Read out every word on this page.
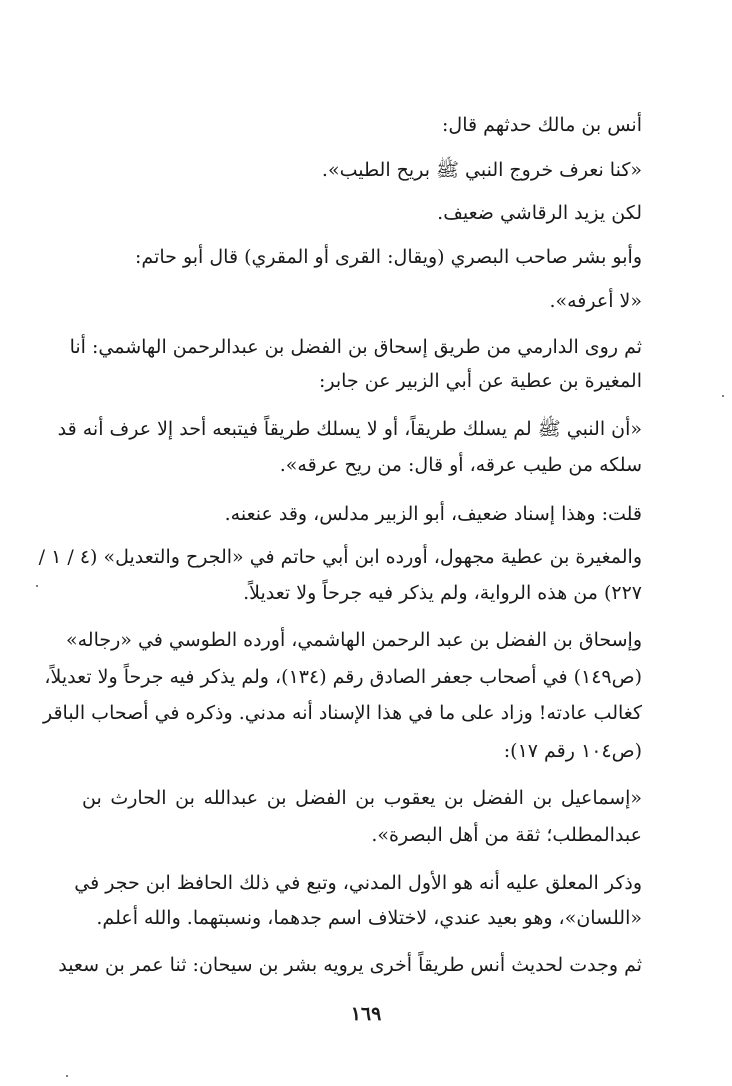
أنس بن مالك حدثهم قال:
«كنا نعرف خروج النبي ﷺ بريح الطيب».
لكن يزيد الرقاشي ضعيف.
وأبو بشر صاحب البصري (ويقال: القرى أو المقري) قال أبو حاتم:
«لا أعرفه».
ثم روى الدارمي من طريق إسحاق بن الفضل بن عبدالرحمن الهاشمي: أنا
المغيرة بن عطية عن أبي الزبير عن جابر:
«أن النبي ﷺ لم يسلك طريقاً، أو لا يسلك طريقاً فيتبعه أحد إلا عرف أنه قد
سلكه من طيب عرقه، أو قال: من ريح عرقه».
قلت: وهذا إسناد ضعيف، أبو الزبير مدلس، وقد عنعنه.
والمغيرة بن عطية مجهول، أورده ابن أبي حاتم في «الجرح والتعديل» (٤ / ١ /
٢٢٧) من هذه الرواية، ولم يذكر فيه جرحاً ولا تعديلاً.
وإسحاق بن الفضل بن عبد الرحمن الهاشمي، أورده الطوسي في «رجاله»
(ص١٤٩) في أصحاب جعفر الصادق رقم (١٣٤)، ولم يذكر فيه جرحاً ولا تعديلاً،
كغالب عادته! وزاد على ما في هذا الإسناد أنه مدني. وذكره في أصحاب الباقر
(ص١٠٤ رقم ١٧):
«إسماعيل بن الفضل بن يعقوب بن الفضل بن عبدالله بن الحارث بن
عبدالمطلب؛ ثقة من أهل البصرة».
وذكر المعلق عليه أنه هو الأول المدني، وتبع في ذلك الحافظ ابن حجر في
«اللسان»، وهو بعيد عندي، لاختلاف اسم جدهما، ونسبتهما. والله أعلم.
ثم وجدت لحديث أنس طريقاً أخرى يرويه بشر بن سيحان: ثنا عمر بن سعيد
١٦٩
